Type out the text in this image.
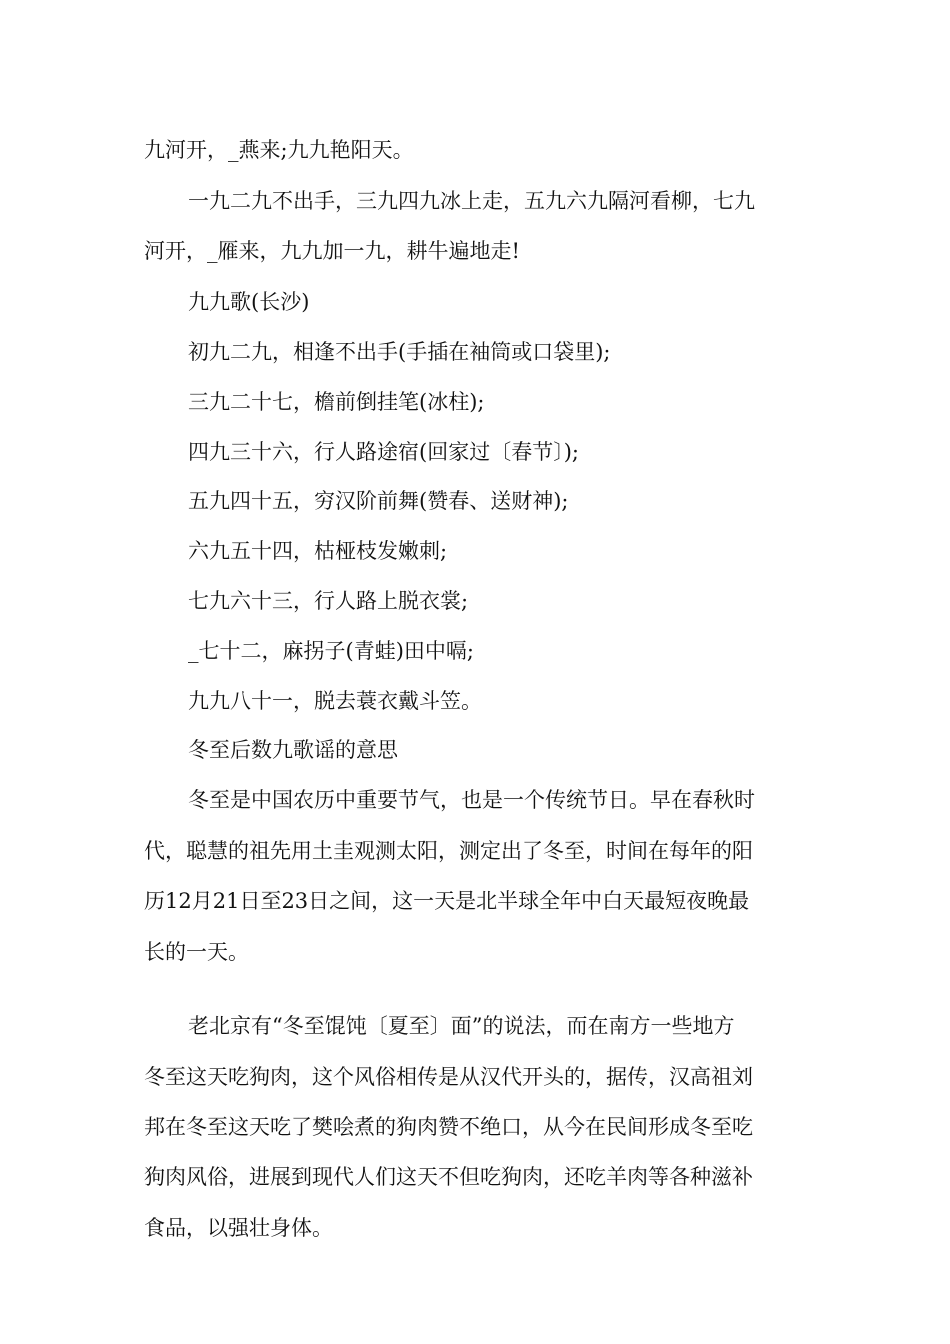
九河开，_燕来;九九艳阳天。
一九二九不出手，三九四九冰上走，五九六九隔河看柳，七九
河开，_雁来，九九加一九，耕牛遍地走!
九九歌(长沙)
初九二九，相逢不出手(手插在袖筒或口袋里);
三九二十七，檐前倒挂笔(冰柱);
四九三十六，行人路途宿(回家过〔春节〕);
五九四十五，穷汉阶前舞(赞春、送财神);
六九五十四，枯桠枝发嫩刺;
七九六十三，行人路上脱衣裳;
_七十二，麻拐子(青蛙)田中嗝;
九九八十一，脱去蓑衣戴斗笠。
冬至后数九歌谣的意思
冬至是中国农历中重要节气，也是一个传统节日。早在春秋时
代，聪慧的祖先用土圭观测太阳，测定出了冬至，时间在每年的阳
历12月21日至23日之间，这一天是北半球全年中白天最短夜晚最
长的一天。
老北京有“冬至馄饨〔夏至〕面”的说法，而在南方一些地方
冬至这天吃狗肉，这个风俗相传是从汉代开头的，据传，汉高祖刘
邦在冬至这天吃了樊哙煮的狗肉赞不绝口，从今在民间形成冬至吃
狗肉风俗，进展到现代人们这天不但吃狗肉，还吃羊肉等各种滋补
食品，以强壮身体。
